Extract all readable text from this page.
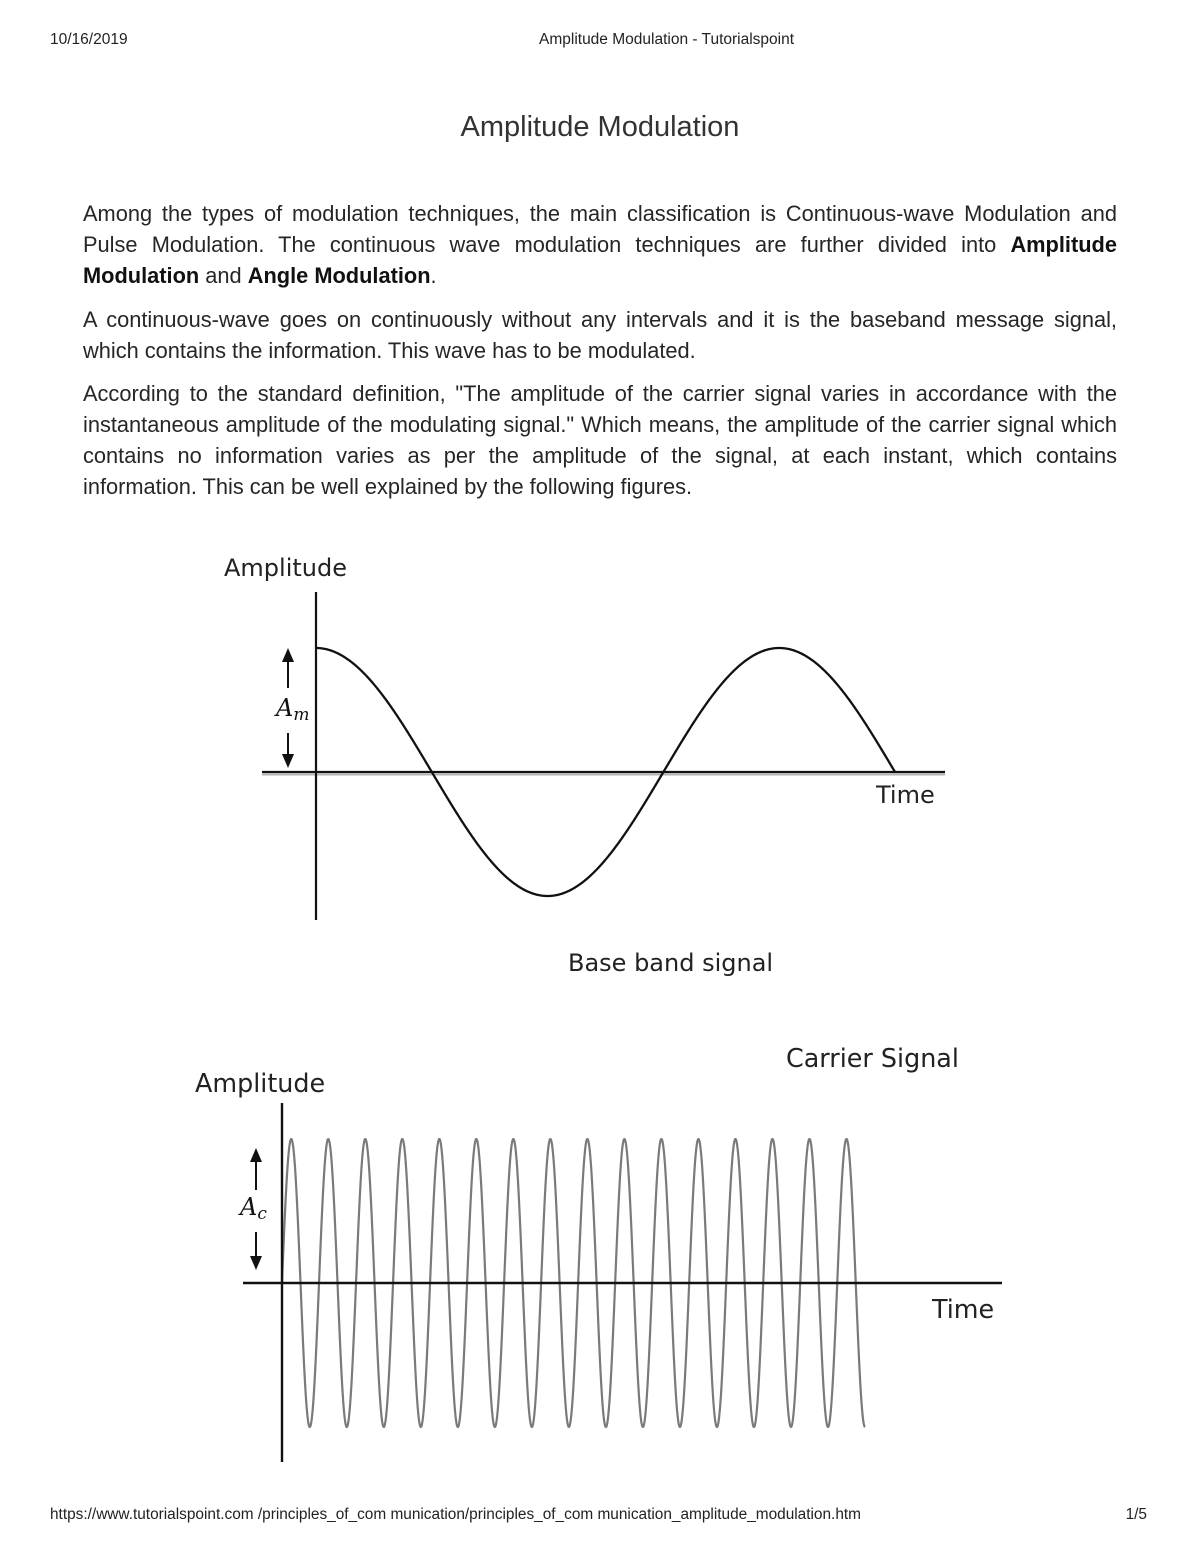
10/16/2019	Amplitude Modulation - Tutorialspoint
Amplitude Modulation
Among the types of modulation techniques, the main classification is Continuous-wave Modulation and
Pulse Modulation. The continuous wave modulation techniques are further divided into Amplitude
Modulation and Angle Modulation.
A continuous-wave goes on continuously without any intervals and it is the baseband message signal,
which contains the information. This wave has to be modulated.
According to the standard definition, "The amplitude of the carrier signal varies in accordance with the
instantaneous amplitude of the modulating signal." Which means, the amplitude of the carrier signal which
contains no information varies as per the amplitude of the signal, at each instant, which contains
information. This can be well explained by the following figures.
Amplitude
Time
Am
Base band signal
Carrier Signal
Amplitude
Time
Ac
https://www.tutorialspoint.com /principles_of_com munication/principles_of_com munication_amplitude_modulation.htm	1/5
